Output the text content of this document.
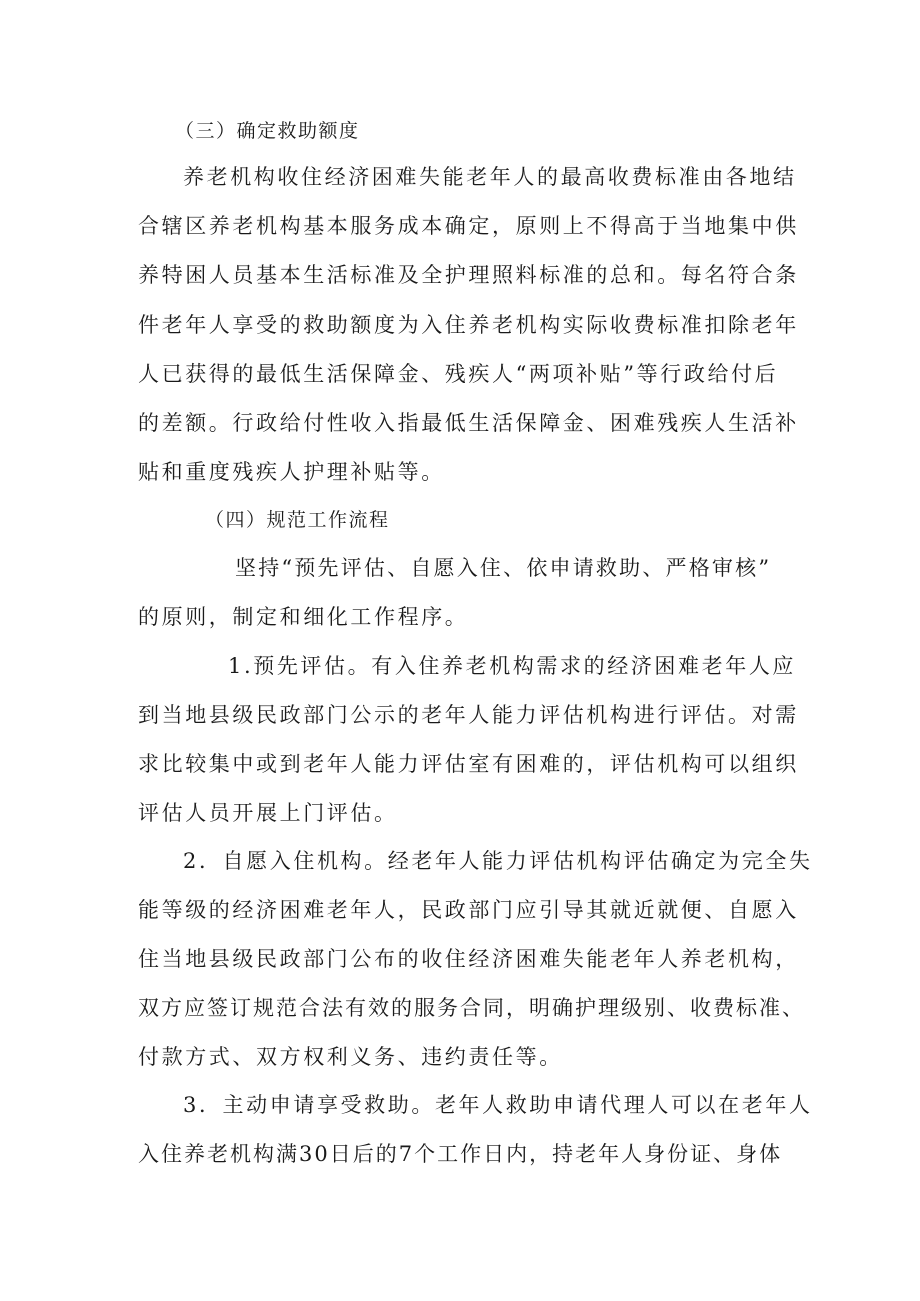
（三）确定救助额度
养老机构收住经济困难失能老年人的最高收费标准由各地结
合辖区养老机构基本服务成本确定，原则上不得高于当地集中供
养特困人员基本生活标准及全护理照料标准的总和。每名符合条
件老年人享受的救助额度为入住养老机构实际收费标准扣除老年
人已获得的最低生活保障金、残疾人“两项补贴”等行政给付后
的差额。行政给付性收入指最低生活保障金、困难残疾人生活补
贴和重度残疾人护理补贴等。
（四）规范工作流程
坚持“预先评估、自愿入住、依申请救助、严格审核”
的原则，制定和细化工作程序。
1.预先评估。有入住养老机构需求的经济困难老年人应
到当地县级民政部门公示的老年人能力评估机构进行评估。对需
求比较集中或到老年人能力评估室有困难的，评估机构可以组织
评估人员开展上门评估。
2．自愿入住机构。经老年人能力评估机构评估确定为完全失
能等级的经济困难老年人，民政部门应引导其就近就便、自愿入
住当地县级民政部门公布的收住经济困难失能老年人养老机构，
双方应签订规范合法有效的服务合同，明确护理级别、收费标准、
付款方式、双方权利义务、违约责任等。
3．主动申请享受救助。老年人救助申请代理人可以在老年人
入住养老机构满30日后的7个工作日内，持老年人身份证、身体
